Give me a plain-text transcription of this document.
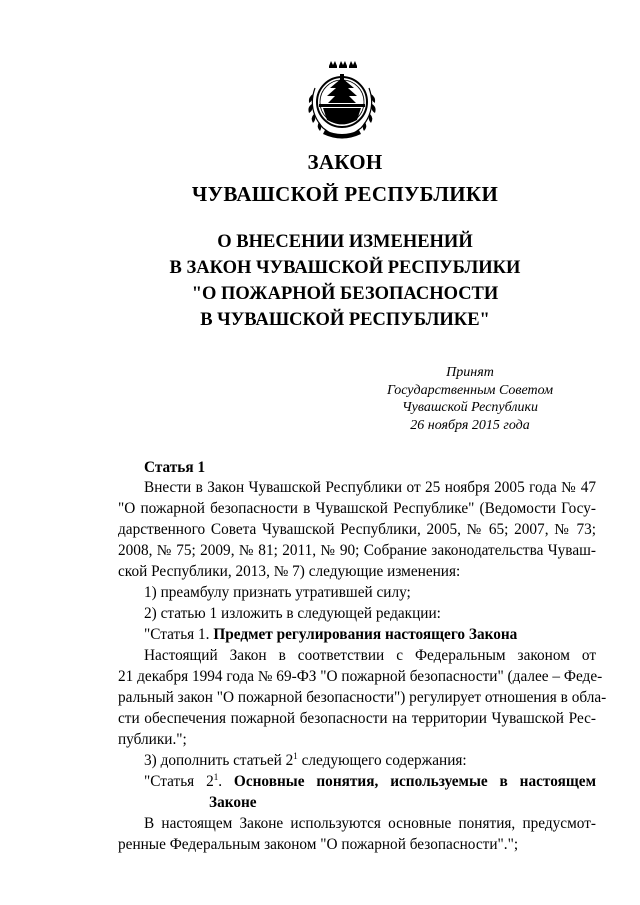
ЗАКОН
ЧУВАШСКОЙ РЕСПУБЛИКИ
О ВНЕСЕНИИ ИЗМЕНЕНИЙ
В ЗАКОН ЧУВАШСКОЙ РЕСПУБЛИКИ
"О ПОЖАРНОЙ БЕЗОПАСНОСТИ
В ЧУВАШСКОЙ РЕСПУБЛИКЕ"
Принят
Государственным Советом
Чувашской Республики
26 ноября 2015 года
Статья 1
Внести в Закон Чувашской Республики от 25 ноября 2005 года № 47
"О пожарной безопасности в Чувашской Республике" (Ведомости Госу-
дарственного Совета Чувашской Республики, 2005, № 65; 2007, № 73;
2008, № 75; 2009, № 81; 2011, № 90; Собрание законодательства Чуваш-
ской Республики, 2013, № 7) следующие изменения:
1) преамбулу признать утратившей силу;
2) статью 1 изложить в следующей редакции:
"Статья 1. Предмет регулирования настоящего Закона
Настоящий Закон в соответствии с Федеральным законом от
21 декабря 1994 года № 69-ФЗ "О пожарной безопасности" (далее – Феде-
ральный закон "О пожарной безопасности") регулирует отношения в обла-
сти обеспечения пожарной безопасности на территории Чувашской Рес-
публики.";
3) дополнить статьей $2^1$ следующего содержания:
"Статья $2^1$. Основные понятия, используемые в настоящем
Законе
В настоящем Законе используются основные понятия, предусмот-
ренные Федеральным законом "О пожарной безопасности".";
